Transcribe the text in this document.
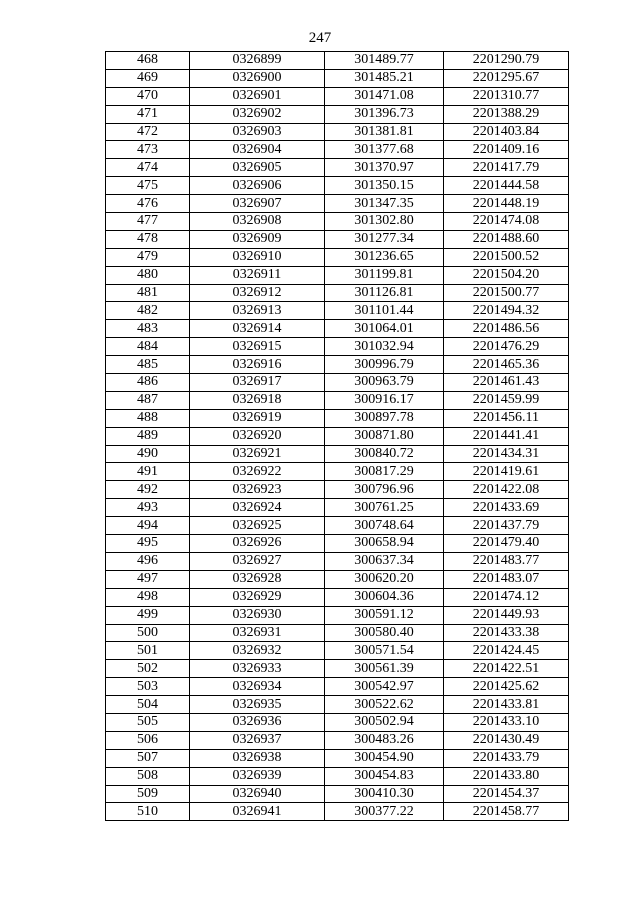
247
468	0326899	301489.77	2201290.79
469	0326900	301485.21	2201295.67
470	0326901	301471.08	2201310.77
471	0326902	301396.73	2201388.29
472	0326903	301381.81	2201403.84
473	0326904	301377.68	2201409.16
474	0326905	301370.97	2201417.79
475	0326906	301350.15	2201444.58
476	0326907	301347.35	2201448.19
477	0326908	301302.80	2201474.08
478	0326909	301277.34	2201488.60
479	0326910	301236.65	2201500.52
480	0326911	301199.81	2201504.20
481	0326912	301126.81	2201500.77
482	0326913	301101.44	2201494.32
483	0326914	301064.01	2201486.56
484	0326915	301032.94	2201476.29
485	0326916	300996.79	2201465.36
486	0326917	300963.79	2201461.43
487	0326918	300916.17	2201459.99
488	0326919	300897.78	2201456.11
489	0326920	300871.80	2201441.41
490	0326921	300840.72	2201434.31
491	0326922	300817.29	2201419.61
492	0326923	300796.96	2201422.08
493	0326924	300761.25	2201433.69
494	0326925	300748.64	2201437.79
495	0326926	300658.94	2201479.40
496	0326927	300637.34	2201483.77
497	0326928	300620.20	2201483.07
498	0326929	300604.36	2201474.12
499	0326930	300591.12	2201449.93
500	0326931	300580.40	2201433.38
501	0326932	300571.54	2201424.45
502	0326933	300561.39	2201422.51
503	0326934	300542.97	2201425.62
504	0326935	300522.62	2201433.81
505	0326936	300502.94	2201433.10
506	0326937	300483.26	2201430.49
507	0326938	300454.90	2201433.79
508	0326939	300454.83	2201433.80
509	0326940	300410.30	2201454.37
510	0326941	300377.22	2201458.77
